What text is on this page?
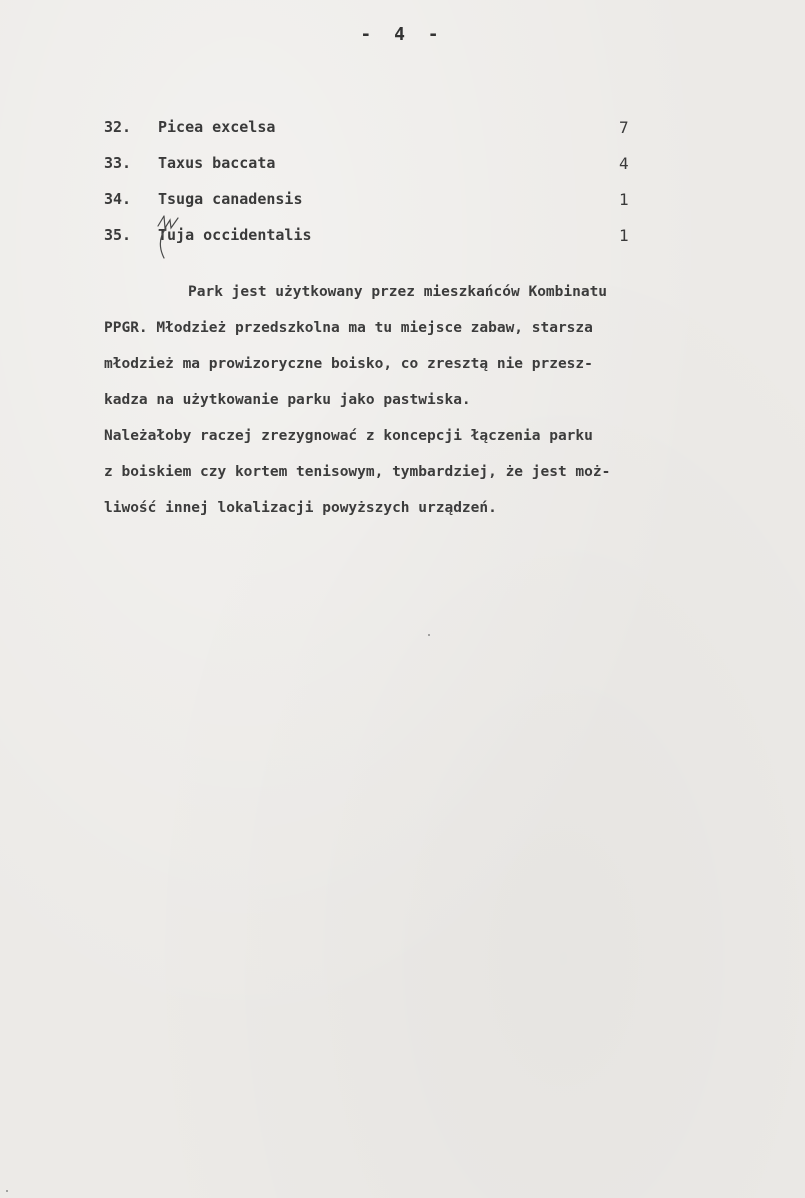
- 4 -
32. Picea excelsa	7
33. Taxus baccata	4
34. Tsuga canadensis	1
35. Tuja occidentalis	1
Park jest użytkowany przez mieszkańców Kombinatu
PPGR. Młodzież przedszkolna ma tu miejsce zabaw, starsza
młodzież ma prowizoryczne boisko, co zresztą nie przesz-
kadza na użytkowanie parku jako pastwiska.
Należałoby raczej zrezygnować z koncepcji łączenia parku
z boiskiem czy kortem tenisowym, tymbardziej, że jest moż-
liwość innej lokalizacji powyższych urządzeń.
